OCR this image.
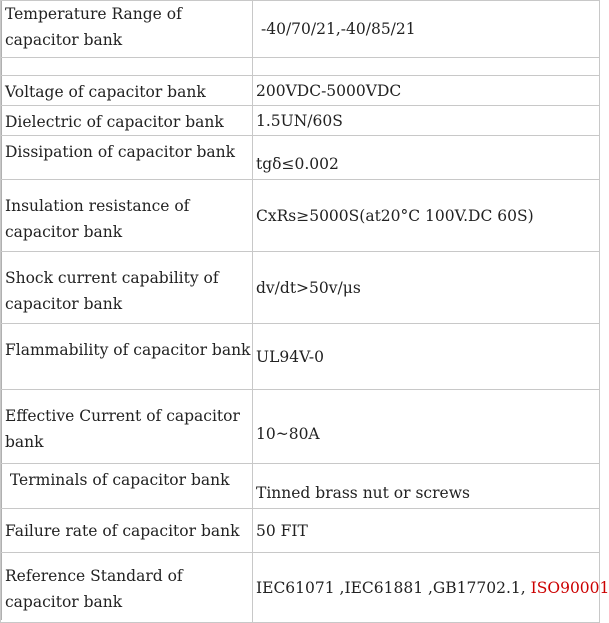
Temperature Range of capacitor bank	-40/70/21,-40/85/21

Voltage of capacitor bank	200VDC-5000VDC
Dielectric of capacitor bank	1.5UN/60S
Dissipation of capacitor bank	tgδ≤0.002
Insulation resistance of capacitor bank	CxRs≥5000S(at20°C 100V.DC 60S)
Shock current capability of capacitor bank	dv/dt>50v/μs
Flammability of capacitor bank	UL94V-0
Effective Current of capacitor bank	10~80A
Terminals of capacitor bank	Tinned brass nut or screws
Failure rate of capacitor bank	50 FIT
Reference Standard of capacitor bank	IEC61071 ,IEC61881 ,GB17702.1, ISO90001
